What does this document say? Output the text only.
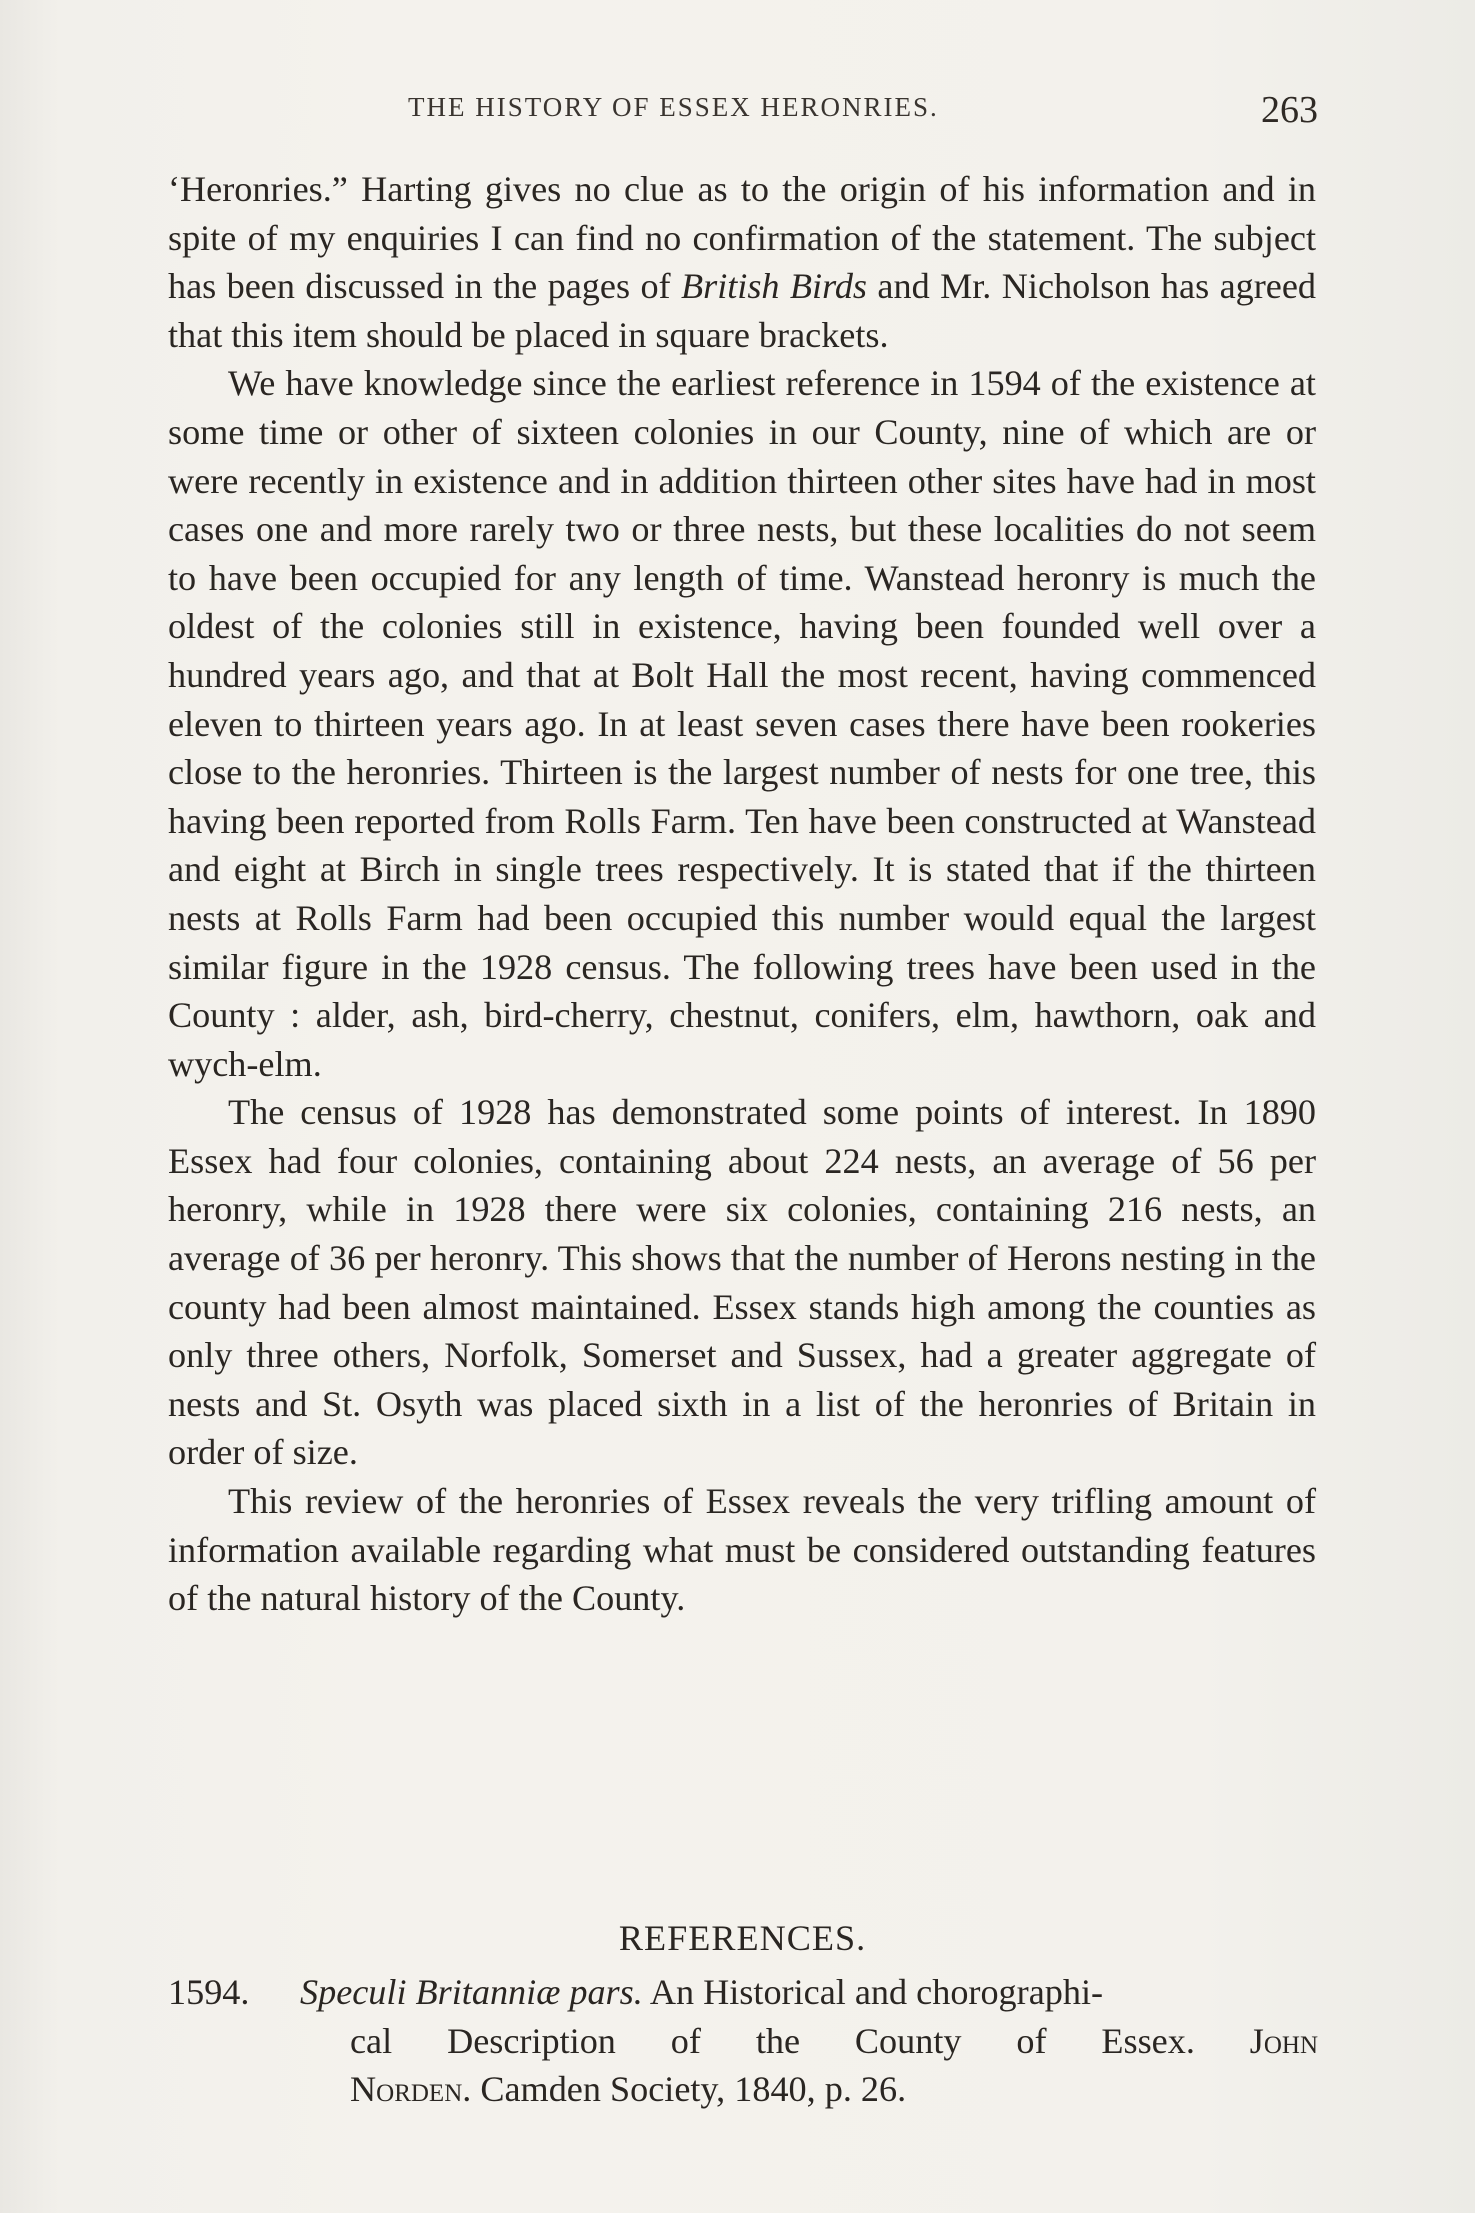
THE HISTORY OF ESSEX HERONRIES.	263

‘Heronries.” Harting gives no clue as to the origin of his information and in spite of my enquiries I can find no confirmation of the statement. The subject has been discussed in the pages of British Birds and Mr. Nicholson has agreed that this item should be placed in square brackets.

We have knowledge since the earliest reference in 1594 of the existence at some time or other of sixteen colonies in our County, nine of which are or were recently in existence and in addition thirteen other sites have had in most cases one and more rarely two or three nests, but these localities do not seem to have been occupied for any length of time. Wanstead heronry is much the oldest of the colonies still in existence, having been founded well over a hundred years ago, and that at Bolt Hall the most recent, having commenced eleven to thirteen years ago. In at least seven cases there have been rookeries close to the heronries. Thirteen is the largest number of nests for one tree, this having been reported from Rolls Farm. Ten have been constructed at Wanstead and eight at Birch in single trees respectively. It is stated that if the thirteen nests at Rolls Farm had been occupied this number would equal the largest similar figure in the 1928 census. The following trees have been used in the County : alder, ash, bird-cherry, chestnut, conifers, elm, hawthorn, oak and wych-elm.

The census of 1928 has demonstrated some points of interest. In 1890 Essex had four colonies, containing about 224 nests, an average of 56 per heronry, while in 1928 there were six colonies, containing 216 nests, an average of 36 per heronry. This shows that the number of Herons nesting in the county had been almost maintained. Essex stands high among the counties as only three others, Norfolk, Somerset and Sussex, had a greater aggregate of nests and St. Osyth was placed sixth in a list of the heronries of Britain in order of size.

This review of the heronries of Essex reveals the very trifling amount of information available regarding what must be considered outstanding features of the natural history of the County.

REFERENCES.
1594. Speculi Britanniæ pars. An Historical and chorographi-
cal Description of the County of Essex. John
Norden. Camden Society, 1840, p. 26.
